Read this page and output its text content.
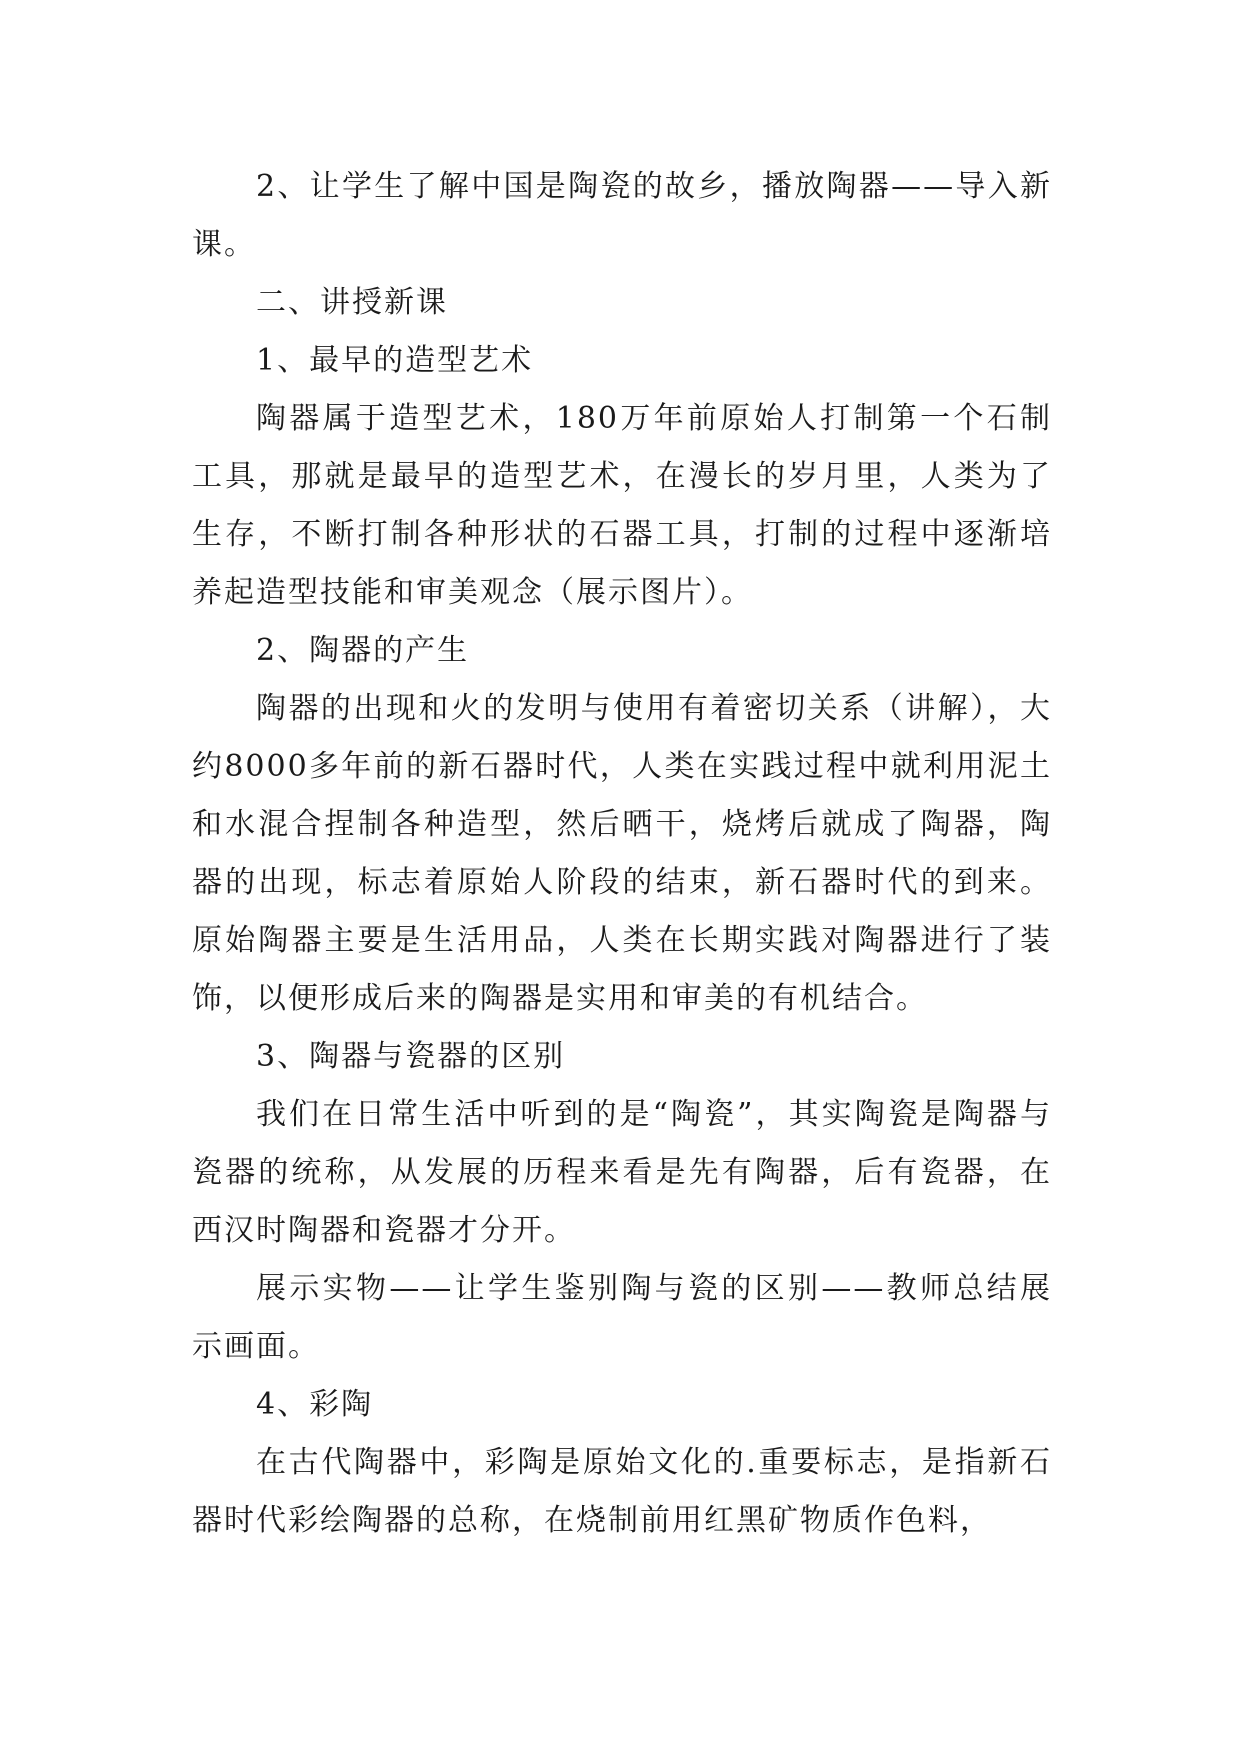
2、让学生了解中国是陶瓷的故乡，播放陶器——导入新课。

二、讲授新课

1、最早的造型艺术

陶器属于造型艺术，180万年前原始人打制第一个石制工具，那就是最早的造型艺术，在漫长的岁月里，人类为了生存，不断打制各种形状的石器工具，打制的过程中逐渐培养起造型技能和审美观念（展示图片）。

2、陶器的产生

陶器的出现和火的发明与使用有着密切关系（讲解），大约8000多年前的新石器时代，人类在实践过程中就利用泥土和水混合捏制各种造型，然后晒干，烧烤后就成了陶器，陶器的出现，标志着原始人阶段的结束，新石器时代的到来。原始陶器主要是生活用品，人类在长期实践对陶器进行了装饰，以便形成后来的陶器是实用和审美的有机结合。

3、陶器与瓷器的区别

我们在日常生活中听到的是“陶瓷”，其实陶瓷是陶器与瓷器的统称，从发展的历程来看是先有陶器，后有瓷器，在西汉时陶器和瓷器才分开。

展示实物——让学生鉴别陶与瓷的区别——教师总结展示画面。

4、彩陶

在古代陶器中，彩陶是原始文化的.重要标志，是指新石器时代彩绘陶器的总称，在烧制前用红黑矿物质作色料，
